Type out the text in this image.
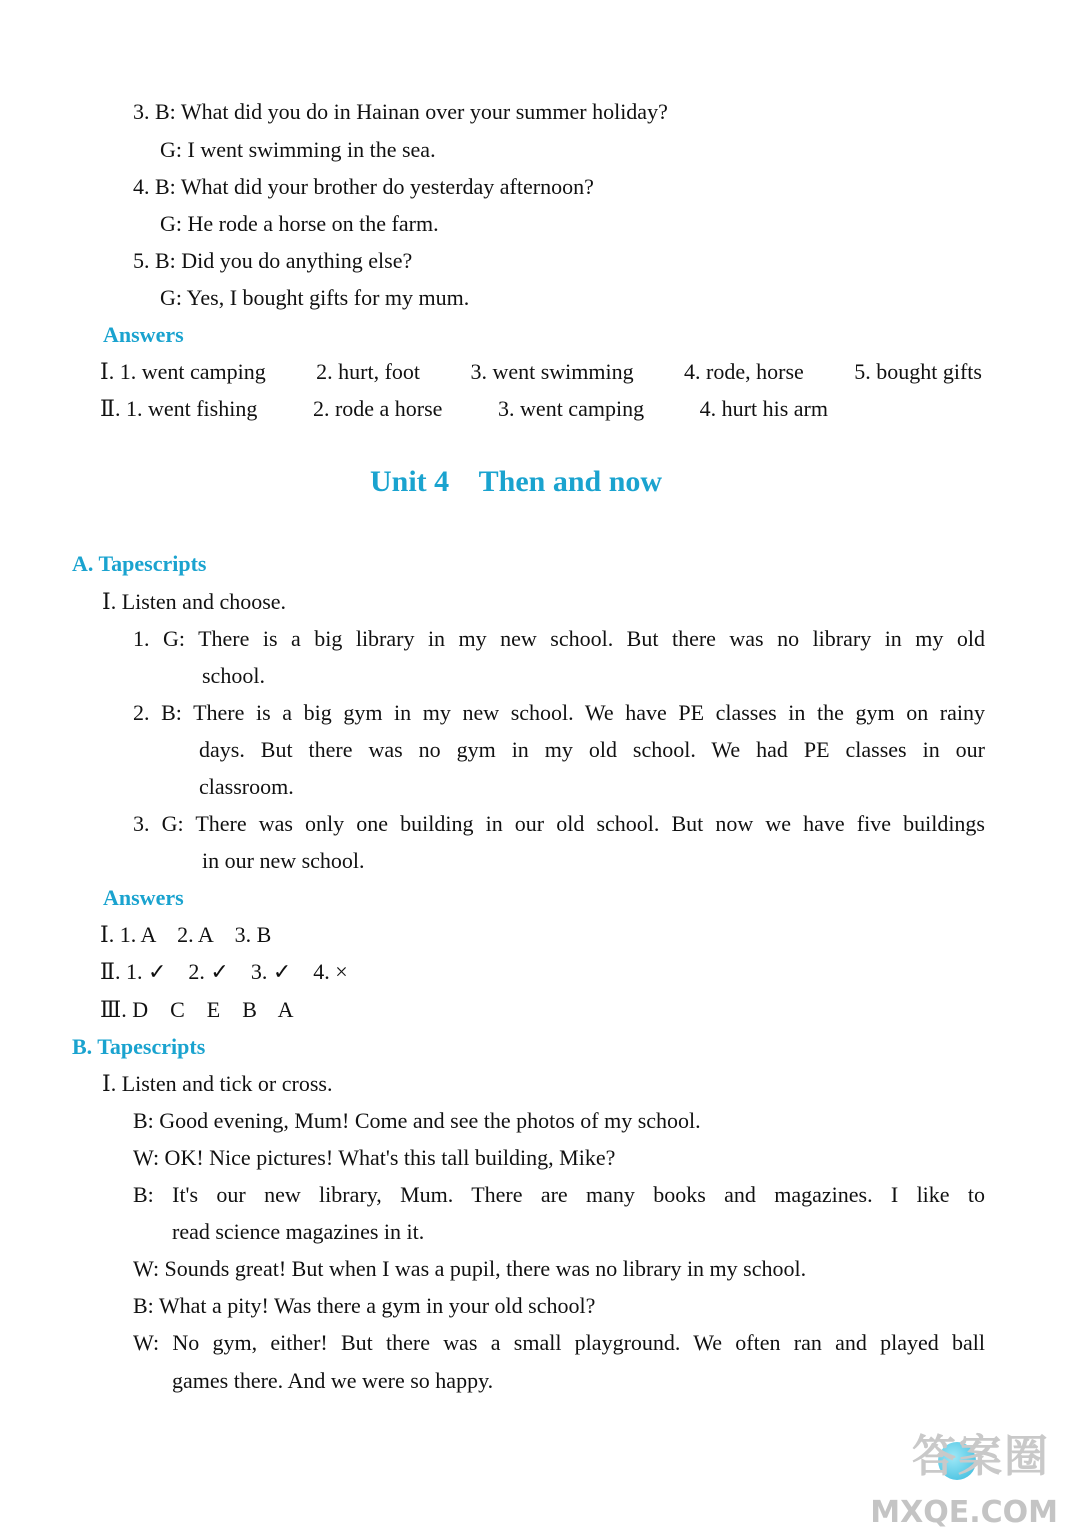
3. B: What did you do in Hainan over your summer holiday?
G: I went swimming in the sea.
4. B: What did your brother do yesterday afternoon?
G: He rode a horse on the farm.
5. B: Did you do anything else?
G: Yes, I bought gifts for my mum.
Answers
Ⅰ. 1. went camping 2. hurt, foot 3. went swimming 4. rode, horse 5. bought gifts
Ⅱ. 1. went fishing	2. rode a horse	3. went camping	4. hurt his arm
Unit 4    Then and now
A. Tapescripts
Ⅰ. Listen and choose.
1. G: There is a big library in my new school. But there was no library in my old
school.
2. B: There is a big gym in my new school. We have PE classes in the gym on rainy
days. But there was no gym in my old school. We had PE classes in our
classroom.
3. G: There was only one building in our old school. But now we have five buildings
in our new school.
Answers
Ⅰ. 1. A    2. A    3. B
Ⅱ. 1. ✓    2. ✓    3. ✓    4. ×
Ⅲ. D    C    E    B    A
B. Tapescripts
Ⅰ. Listen and tick or cross.
B: Good evening, Mum! Come and see the photos of my school.
W: OK! Nice pictures! What's this tall building, Mike?
B: It's our new library, Mum. There are many books and magazines. I like to
read science magazines in it.
W: Sounds great! But when I was a pupil, there was no library in my school.
B: What a pity! Was there a gym in your old school?
W: No gym, either! But there was a small playground. We often ran and played ball
games there. And we were so happy.
答案圈
MXQE.COM
